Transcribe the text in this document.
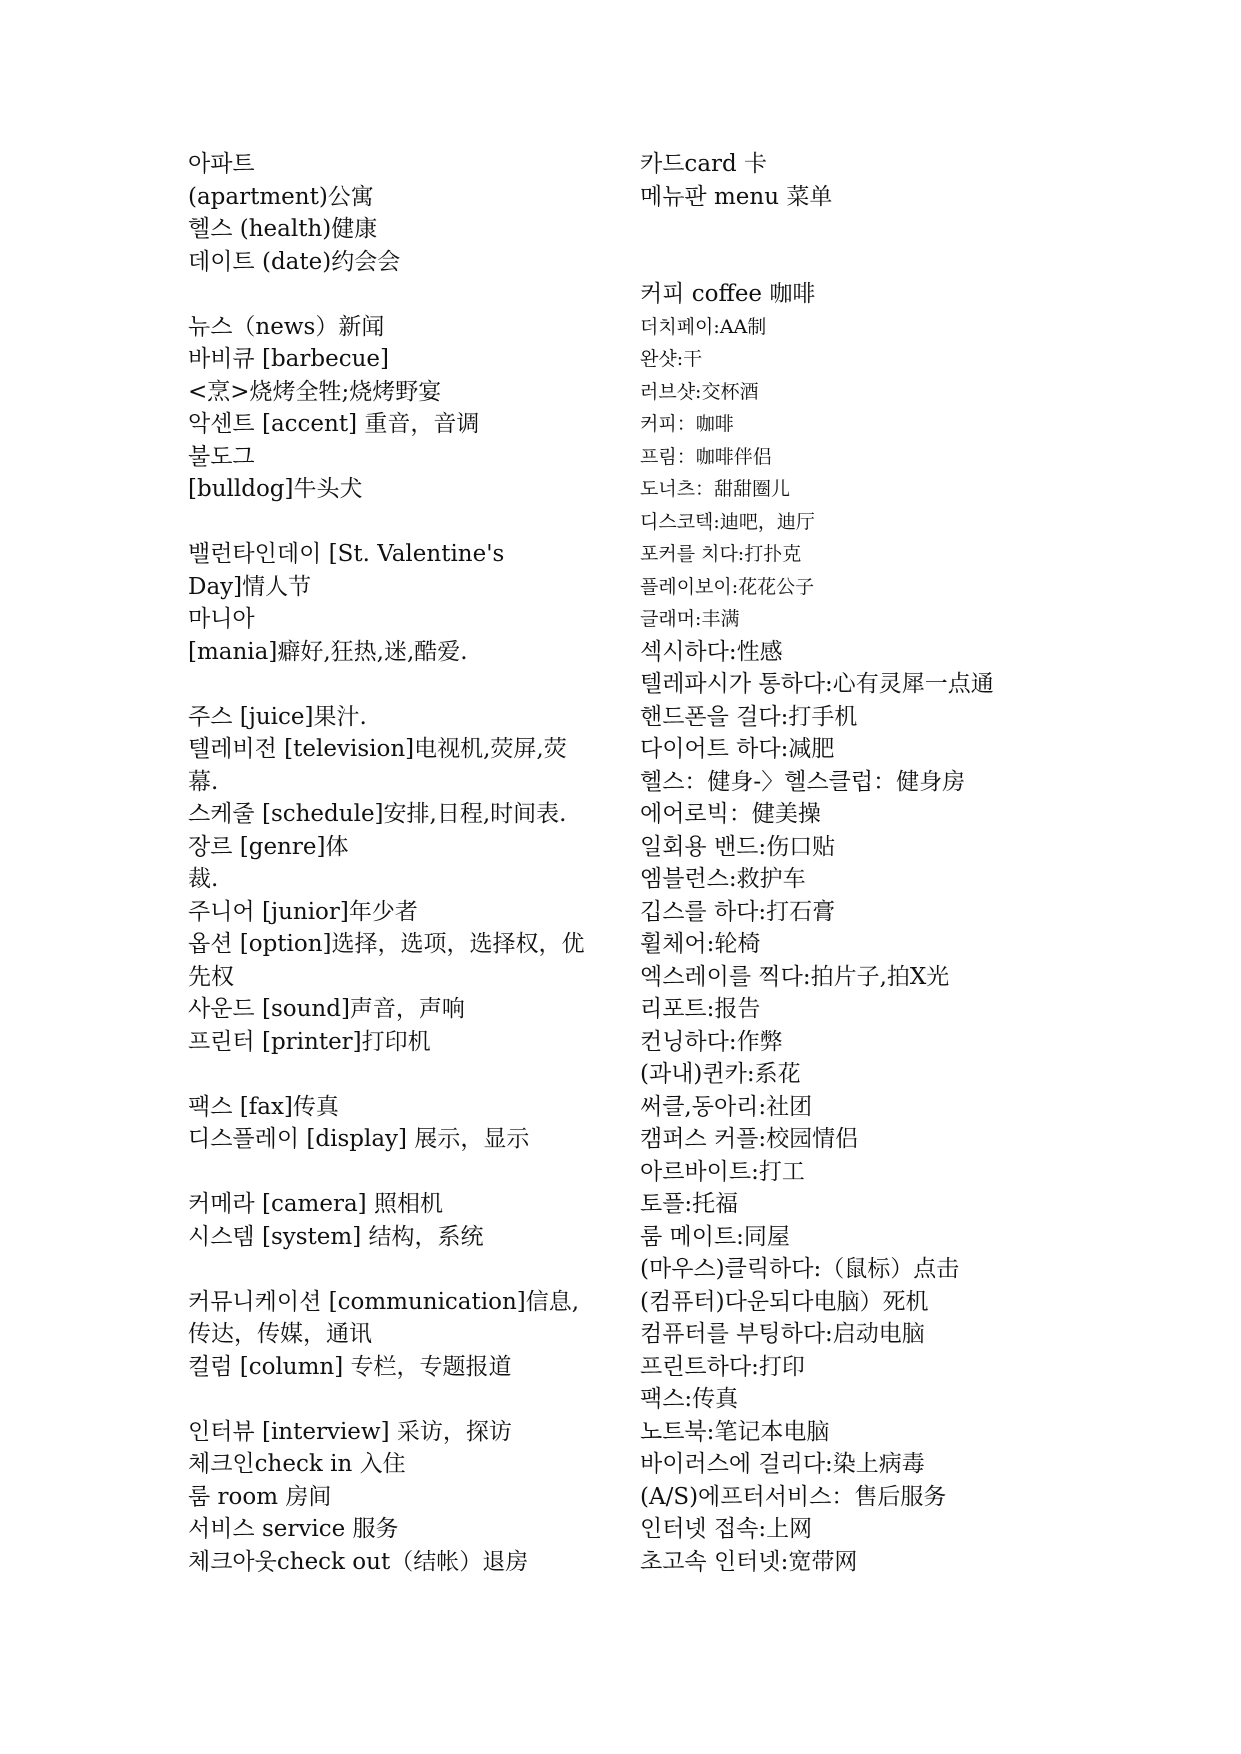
아파트
(apartment)公寓
헬스 (health)健康
데이트 (date)约会会
뉴스（news）新闻
바비큐 [barbecue]
<烹>烧烤全牲;烧烤野宴
악센트 [accent] 重音，音调
불도그
[bulldog]牛头犬
밸런타인데이 [St. Valentine's
Day]情人节
마니아
[mania]癖好,狂热,迷,酷爱.
주스 [juice]果汁.
텔레비전 [television]电视机,荧屏,荧
幕.
스케줄 [schedule]安排,日程,时间表.
장르 [genre]体
裁.
주니어 [junior]年少者
옵션 [option]选择，选项，选择权，优
先权
사운드 [sound]声音，声响
프린터 [printer]打印机
팩스 [fax]传真
디스플레이 [display] 展示，显示
커메라 [camera] 照相机
시스템 [system] 结构，系统
커뮤니케이션 [communication]信息,
传达，传媒，通讯
컬럼 [column] 专栏，专题报道
인터뷰 [interview] 采访，探访
체크인check in 入住
룸 room 房间
서비스 service 服务
체크아웃check out（结帐）退房
카드card 卡
메뉴판 menu 菜单
커피 coffee 咖啡
더치페이:AA制
완샷:干
러브샷:交杯酒
커피：咖啡
프림：咖啡伴侣
도너츠：甜甜圈儿
디스코텍:迪吧，迪厅
포커를 치다:打扑克
플레이보이:花花公子
글래머:丰满
섹시하다:性感
텔레파시가 통하다:心有灵犀一点通
핸드폰을 걸다:打手机
다이어트 하다:减肥
헬스：健身-〉헬스클럽：健身房
에어로빅：健美操
일회용 밴드:伤口贴
엠블런스:救护车
깁스를 하다:打石膏
휠체어:轮椅
엑스레이를 찍다:拍片子,拍X光
리포트:报告
컨닝하다:作弊
(과내)퀸카:系花
써클,동아리:社团
캠퍼스 커플:校园情侣
아르바이트:打工
토플:托福
룸 메이트:同屋
(마우스)클릭하다:（鼠标）点击
(컴퓨터)다운되다电脑）死机
컴퓨터를 부팅하다:启动电脑
프린트하다:打印
팩스:传真
노트북:笔记本电脑
바이러스에 걸리다:染上病毒
(A/S)에프터서비스：售后服务
인터넷 접속:上网
초고속 인터넷:宽带网
